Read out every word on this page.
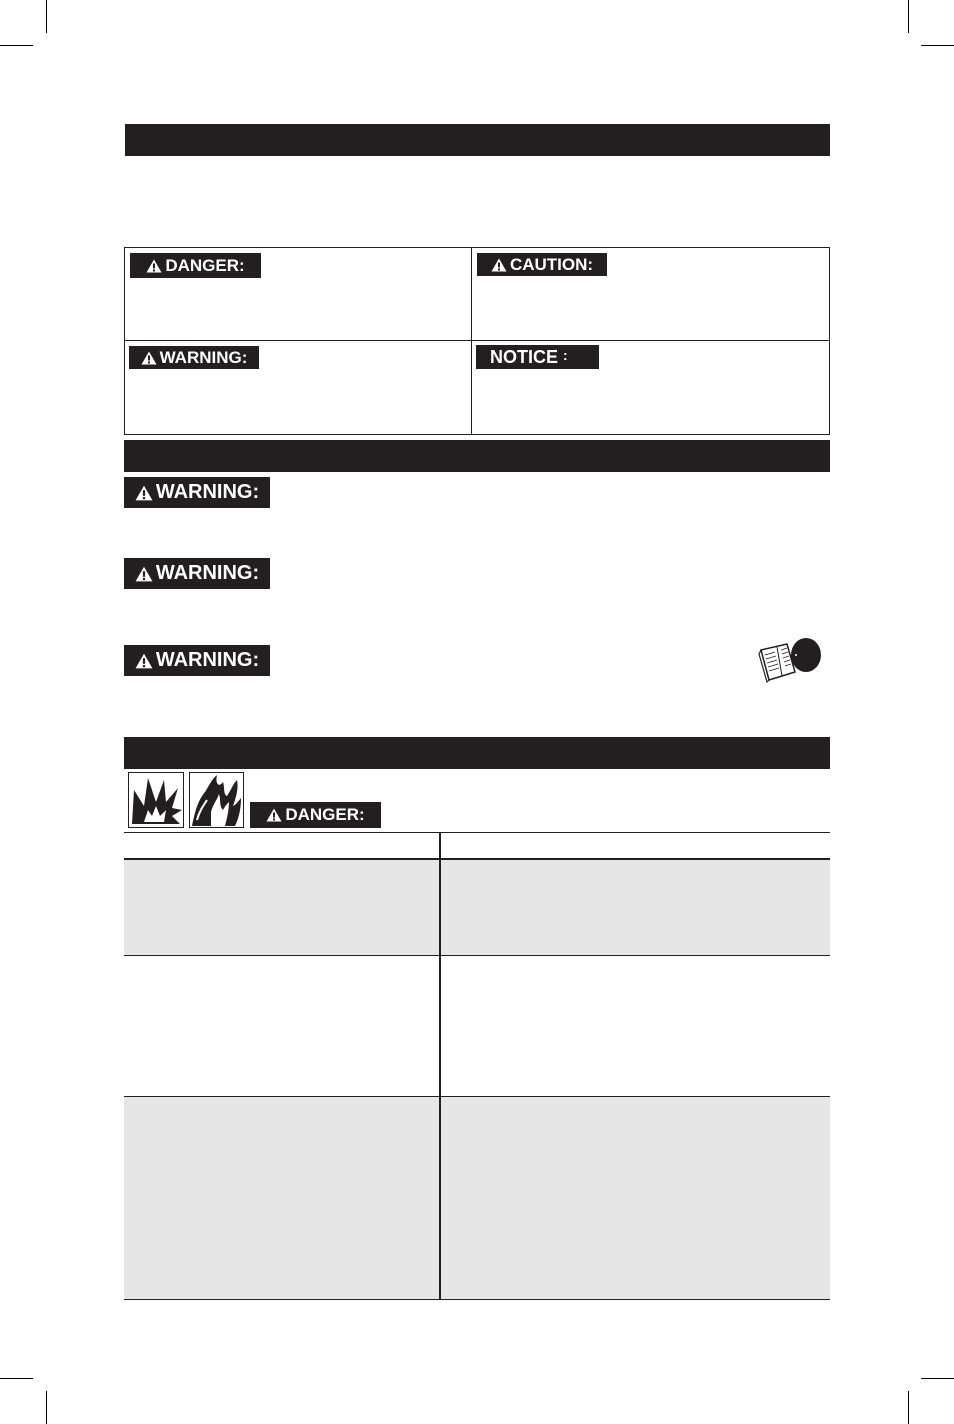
DANGER:	CAUTION:
WARNING:	NOTICE :
WARNING:
WARNING:
WARNING:
DANGER:
